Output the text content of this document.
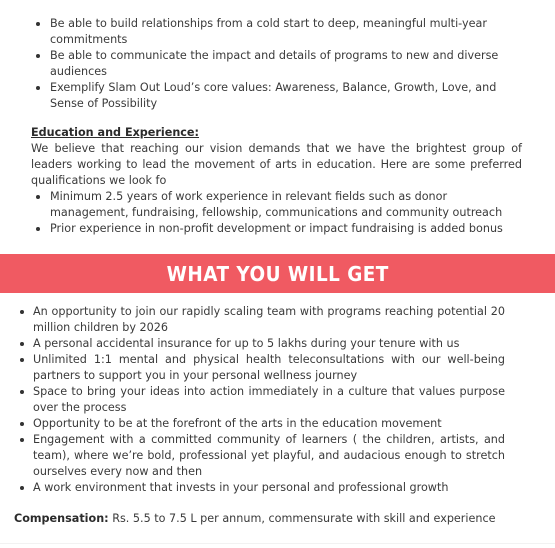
Be able to build relationships from a cold start to deep, meaningful multi-year commitments
Be able to communicate the impact and details of programs to new and diverse audiences
Exemplify Slam Out Loud’s core values: Awareness, Balance, Growth, Love, and Sense of Possibility
Education and Experience:
We believe that reaching our vision demands that we have the brightest group of leaders working to lead the movement of arts in education. Here are some preferred qualifications we look fo
Minimum 2.5 years of work experience in relevant fields such as donor management, fundraising, fellowship, communications and community outreach
Prior experience in non-profit development or impact fundraising is added bonus
WHAT YOU WILL GET
An opportunity to join our rapidly scaling team with programs reaching potential 20 million children by 2026
A personal accidental insurance for up to 5 lakhs during your tenure with us
Unlimited 1:1 mental and physical health teleconsultations with our well-being partners to support you in your personal wellness journey
Space to bring your ideas into action immediately in a culture that values purpose over the process
Opportunity to be at the forefront of the arts in the education movement
Engagement with a committed community of learners ( the children, artists, and team), where we’re bold, professional yet playful, and audacious enough to stretch ourselves every now and then
A work environment that invests in your personal and professional growth
Compensation: Rs. 5.5 to 7.5 L per annum, commensurate with skill and experience
